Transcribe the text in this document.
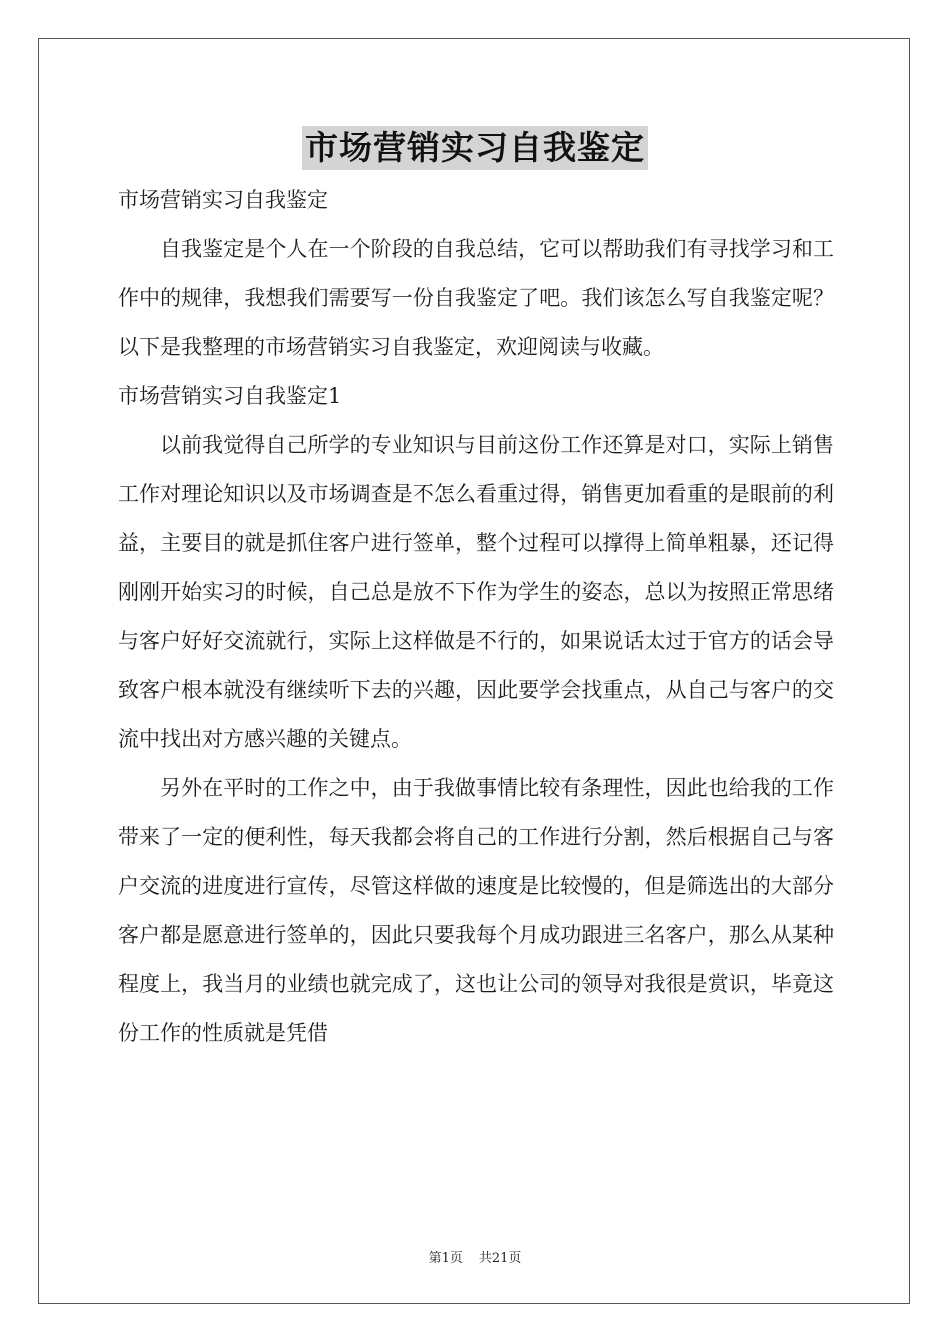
市场营销实习自我鉴定

市场营销实习自我鉴定

自我鉴定是个人在一个阶段的自我总结，它可以帮助我们有寻找学习和工作中的规律，我想我们需要写一份自我鉴定了吧。我们该怎么写自我鉴定呢？以下是我整理的市场营销实习自我鉴定，欢迎阅读与收藏。

市场营销实习自我鉴定1

以前我觉得自己所学的专业知识与目前这份工作还算是对口，实际上销售工作对理论知识以及市场调查是不怎么看重过得，销售更加看重的是眼前的利益，主要目的就是抓住客户进行签单，整个过程可以撑得上简单粗暴，还记得刚刚开始实习的时候，自己总是放不下作为学生的姿态，总以为按照正常思绪与客户好好交流就行，实际上这样做是不行的，如果说话太过于官方的话会导致客户根本就没有继续听下去的兴趣，因此要学会找重点，从自己与客户的交流中找出对方感兴趣的关键点。

另外在平时的工作之中，由于我做事情比较有条理性，因此也给我的工作带来了一定的便利性，每天我都会将自己的工作进行分割，然后根据自己与客户交流的进度进行宣传，尽管这样做的速度是比较慢的，但是筛选出的大部分客户都是愿意进行签单的，因此只要我每个月成功跟进三名客户，那么从某种程度上，我当月的业绩也就完成了，这也让公司的领导对我很是赏识，毕竟这份工作的性质就是凭借

第1页 共21页
